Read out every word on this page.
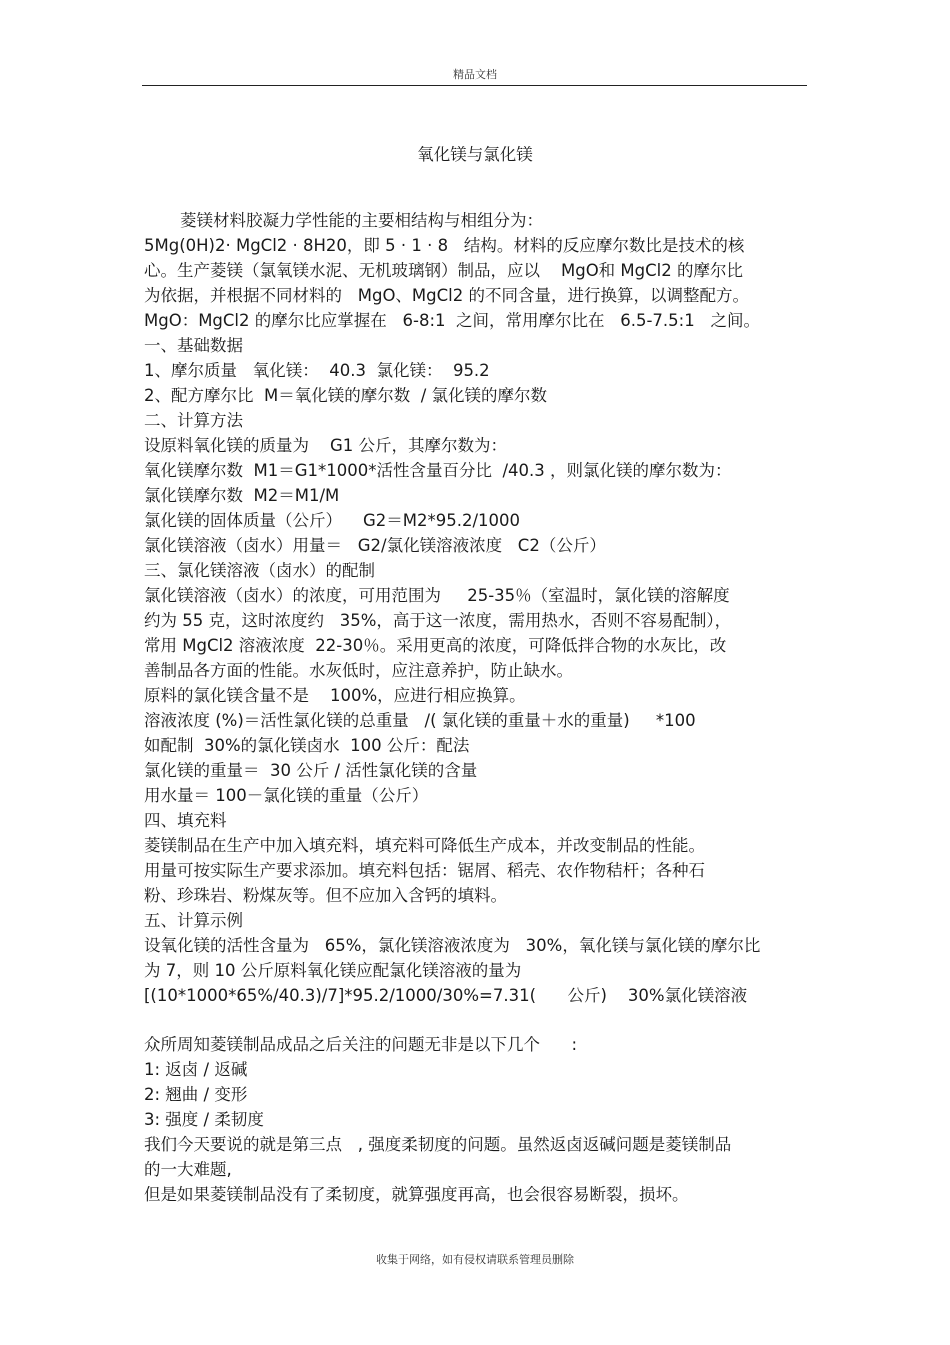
精品文档
氧化镁与氯化镁
菱镁材料胶凝力学性能的主要相结构与相组分为：
5Mg(0H)2· MgCl2 · 8H20，即 5 · 1 · 8   结构。材料的反应摩尔数比是技术的核
心。生产菱镁（氯氧镁水泥、无机玻璃钢）制品，应以    MgO和 MgCl2 的摩尔比
为依据，并根据不同材料的   MgO、MgCl2 的不同含量，进行换算，以调整配方。
MgO：MgCl2 的摩尔比应掌握在   6-8:1  之间，常用摩尔比在   6.5-7.5:1   之间。
一、基础数据
1、摩尔质量   氧化镁：  40.3  氯化镁：  95.2
2、配方摩尔比  M＝氧化镁的摩尔数  / 氯化镁的摩尔数
二、计算方法
设原料氧化镁的质量为    G1 公斤，其摩尔数为：
氧化镁摩尔数  M1＝G1*1000*活性含量百分比  /40.3 ，则氯化镁的摩尔数为：
氯化镁摩尔数  M2＝M1/M
氯化镁的固体质量（公斤）    G2＝M2*95.2/1000
氯化镁溶液（卤水）用量＝   G2/氯化镁溶液浓度   C2（公斤）
三、氯化镁溶液（卤水）的配制
氯化镁溶液（卤水）的浓度，可用范围为     25-35％（室温时，氯化镁的溶解度
约为 55 克，这时浓度约   35%，高于这一浓度，需用热水，否则不容易配制），
常用 MgCl2 溶液浓度  22-30％。采用更高的浓度，可降低拌合物的水灰比，改
善制品各方面的性能。水灰低时，应注意养护，防止缺水。
原料的氯化镁含量不是    100%，应进行相应换算。
溶液浓度 (%)＝活性氯化镁的总重量   /( 氯化镁的重量＋水的重量)     *100
如配制  30%的氯化镁卤水  100 公斤：配法
氯化镁的重量＝  30 公斤 / 活性氯化镁的含量
用水量＝ 100－氯化镁的重量（公斤）
四、填充料
菱镁制品在生产中加入填充料，填充料可降低生产成本，并改变制品的性能。
用量可按实际生产要求添加。填充料包括：锯屑、稻壳、农作物秸杆；各种石
粉、珍珠岩、粉煤灰等。但不应加入含钙的填料。
五、计算示例
设氧化镁的活性含量为   65%，氯化镁溶液浓度为   30%，氧化镁与氯化镁的摩尔比
为 7，则 10 公斤原料氧化镁应配氯化镁溶液的量为
[(10*1000*65%/40.3)/7]*95.2/1000/30%=7.31(      公斤)    30%氯化镁溶液
众所周知菱镁制品成品之后关注的问题无非是以下几个      :
1: 返卤 / 返碱
2: 翘曲 / 变形
3: 强度 / 柔韧度
我们今天要说的就是第三点   , 强度柔韧度的问题。虽然返卤返碱问题是菱镁制品
的一大难题,
但是如果菱镁制品没有了柔韧度，就算强度再高，也会很容易断裂，损坏。
收集于网络，如有侵权请联系管理员删除
